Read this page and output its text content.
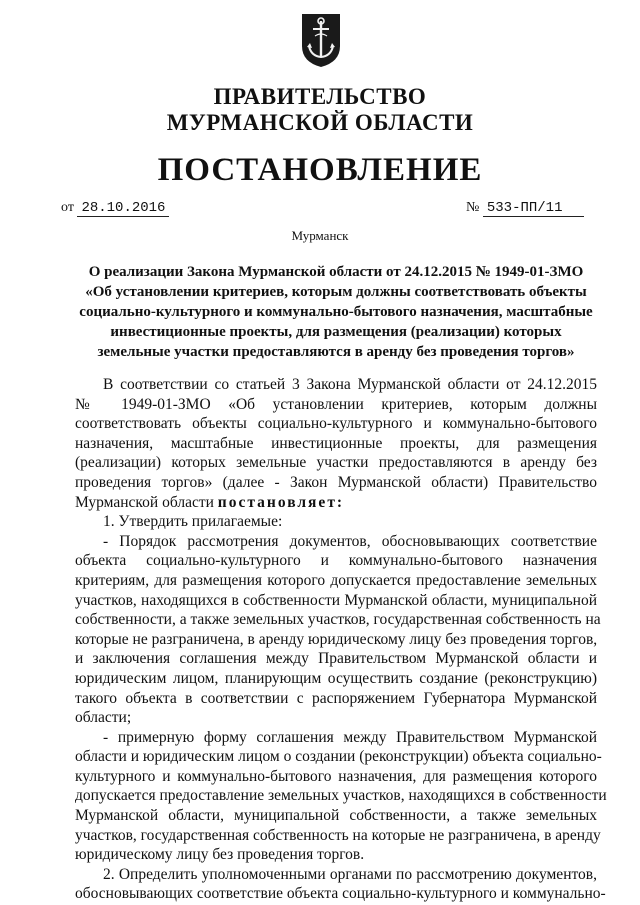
ПРАВИТЕЛЬСТВО
МУРМАНСКОЙ ОБЛАСТИ
ПОСТАНОВЛЕНИЕ
от 28.10.2016	№ 533-ПП/11
Мурманск
О реализации Закона Мурманской области от 24.12.2015 № 1949-01-ЗМО
«Об установлении критериев, которым должны соответствовать объекты
социально-культурного и коммунально-бытового назначения, масштабные
инвестиционные проекты, для размещения (реализации) которых
земельные участки предоставляются в аренду без проведения торгов»
В соответствии со статьей 3 Закона Мурманской области от 24.12.2015
№ 1949-01-ЗМО «Об установлении критериев, которым должны
соответствовать объекты социально-культурного и коммунально-бытового
назначения, масштабные инвестиционные проекты, для размещения
(реализации) которых земельные участки предоставляются в аренду без
проведения торгов» (далее - Закон Мурманской области) Правительство
Мурманской области постановляет:
1. Утвердить прилагаемые:
- Порядок рассмотрения документов, обосновывающих соответствие
объекта социально-культурного и коммунально-бытового назначения
критериям, для размещения которого допускается предоставление земельных
участков, находящихся в собственности Мурманской области, муниципальной
собственности, а также земельных участков, государственная собственность на
которые не разграничена, в аренду юридическому лицу без проведения торгов,
и заключения соглашения между Правительством Мурманской области и
юридическим лицом, планирующим осуществить создание (реконструкцию)
такого объекта в соответствии с распоряжением Губернатора Мурманской
области;
- примерную форму соглашения между Правительством Мурманской
области и юридическим лицом о создании (реконструкции) объекта социально-
культурного и коммунально-бытового назначения, для размещения которого
допускается предоставление земельных участков, находящихся в собственности
Мурманской области, муниципальной собственности, а также земельных
участков, государственная собственность на которые не разграничена, в аренду
юридическому лицу без проведения торгов.
2. Определить уполномоченными органами по рассмотрению документов,
обосновывающих соответствие объекта социально-культурного и коммунально-
